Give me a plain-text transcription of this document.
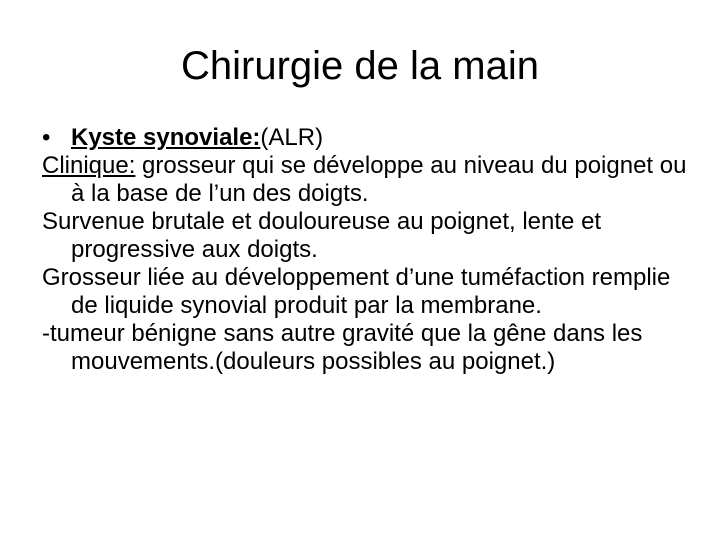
Chirurgie de la main

• Kyste synoviale:(ALR)

Clinique: grosseur qui se développe au niveau du poignet ou à la base de l’un des doigts.

Survenue brutale et douloureuse au poignet, lente et progressive aux doigts.

Grosseur liée au développement d’une tuméfaction remplie de liquide synovial produit par la membrane.

-tumeur bénigne sans autre gravité que la gêne dans les mouvements.(douleurs possibles au poignet.)
